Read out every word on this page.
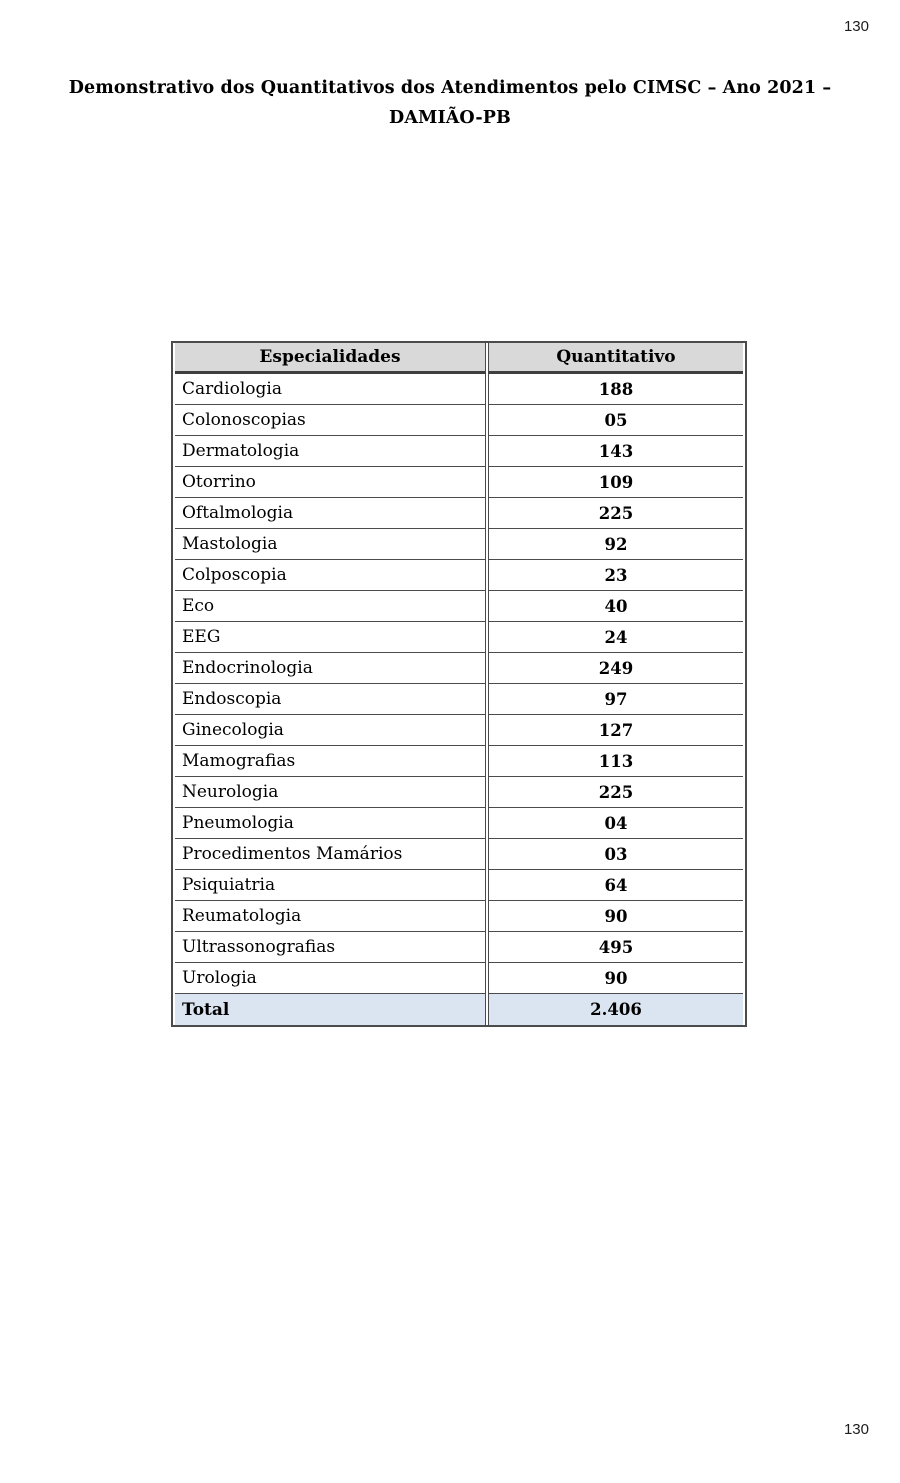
130
Demonstrativo dos Quantitativos dos Atendimentos pelo CIMSC – Ano 2021 –
DAMIÃO-PB
Especialidades	Quantitativo
Cardiologia	188
Colonoscopias	05
Dermatologia	143
Otorrino	109
Oftalmologia	225
Mastologia	92
Colposcopia	23
Eco	40
EEG	24
Endocrinologia	249
Endoscopia	97
Ginecologia	127
Mamografias	113
Neurologia	225
Pneumologia	04
Procedimentos Mamários	03
Psiquiatria	64
Reumatologia	90
Ultrassonografias	495
Urologia	90
Total	2.406
130
